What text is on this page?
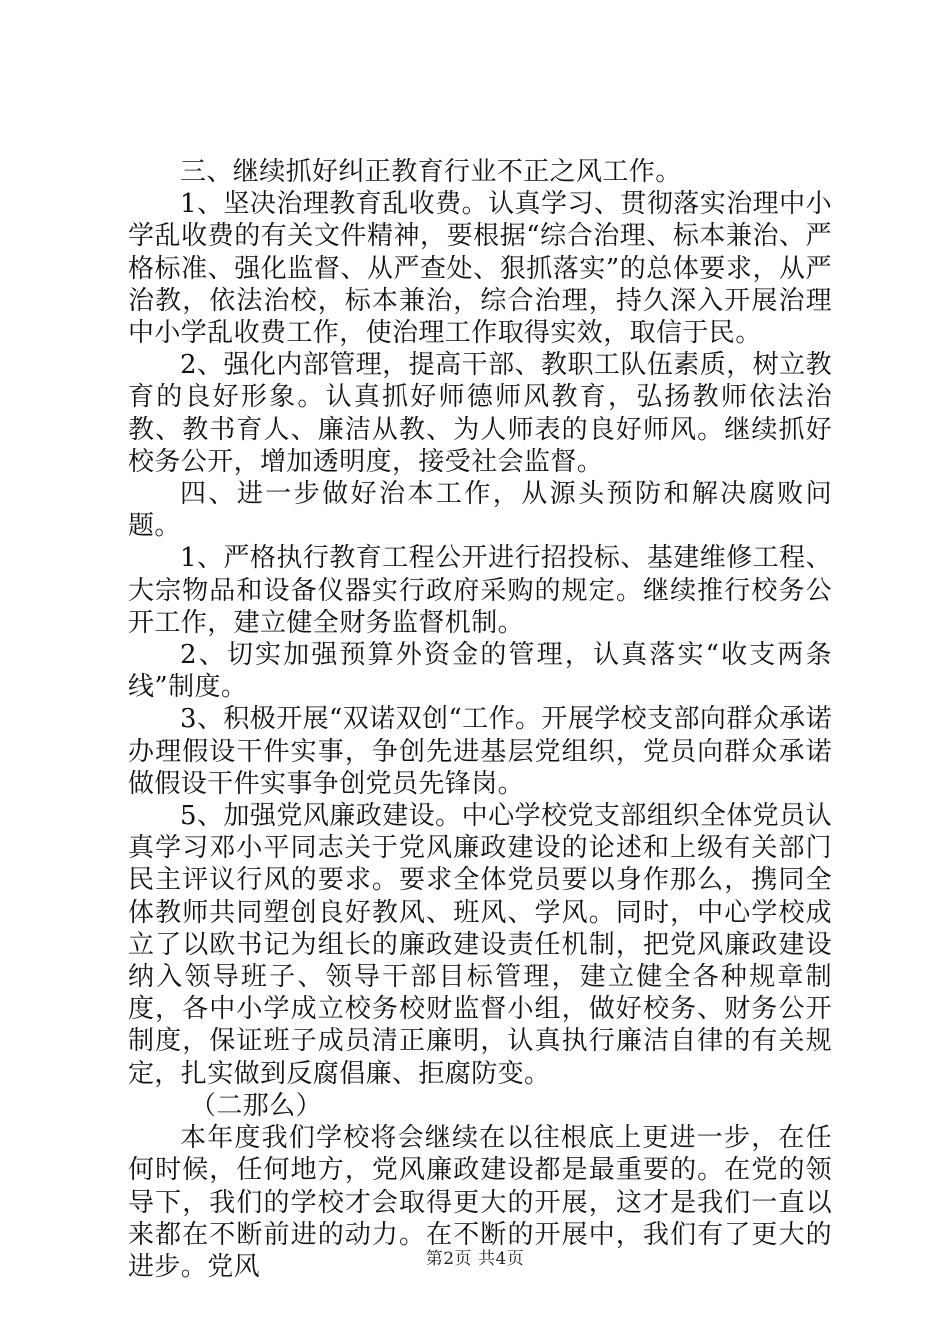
三、继续抓好纠正教育行业不正之风工作。

1、坚决治理教育乱收费。认真学习、贯彻落实治理中小学乱收费的有关文件精神，要根据“综合治理、标本兼治、严格标准、强化监督、从严查处、狠抓落实”的总体要求，从严治教，依法治校，标本兼治，综合治理，持久深入开展治理中小学乱收费工作，使治理工作取得实效，取信于民。

2、强化内部管理，提高干部、教职工队伍素质，树立教育的良好形象。认真抓好师德师风教育，弘扬教师依法治教、教书育人、廉洁从教、为人师表的良好师风。继续抓好校务公开，增加透明度，接受社会监督。

四、进一步做好治本工作，从源头预防和解决腐败问题。

1、严格执行教育工程公开进行招投标、基建维修工程、大宗物品和设备仪器实行政府采购的规定。继续推行校务公开工作，建立健全财务监督机制。

2、切实加强预算外资金的管理，认真落实“收支两条线”制度。

3、积极开展“双诺双创“工作。开展学校支部向群众承诺办理假设干件实事，争创先进基层党组织，党员向群众承诺做假设干件实事争创党员先锋岗。

5、加强党风廉政建设。中心学校党支部组织全体党员认真学习邓小平同志关于党风廉政建设的论述和上级有关部门民主评议行风的要求。要求全体党员要以身作那么，携同全体教师共同塑创良好教风、班风、学风。同时，中心学校成立了以欧书记为组长的廉政建设责任机制，把党风廉政建设纳入领导班子、领导干部目标管理，建立健全各种规章制度，各中小学成立校务校财监督小组，做好校务、财务公开制度，保证班子成员清正廉明，认真执行廉洁自律的有关规定，扎实做到反腐倡廉、拒腐防变。

（二那么）

本年度我们学校将会继续在以往根底上更进一步，在任何时候，任何地方，党风廉政建设都是最重要的。在党的领导下，我们的学校才会取得更大的开展，这才是我们一直以来都在不断前进的动力。在不断的开展中，我们有了更大的进步。党风	第2页 共4页
